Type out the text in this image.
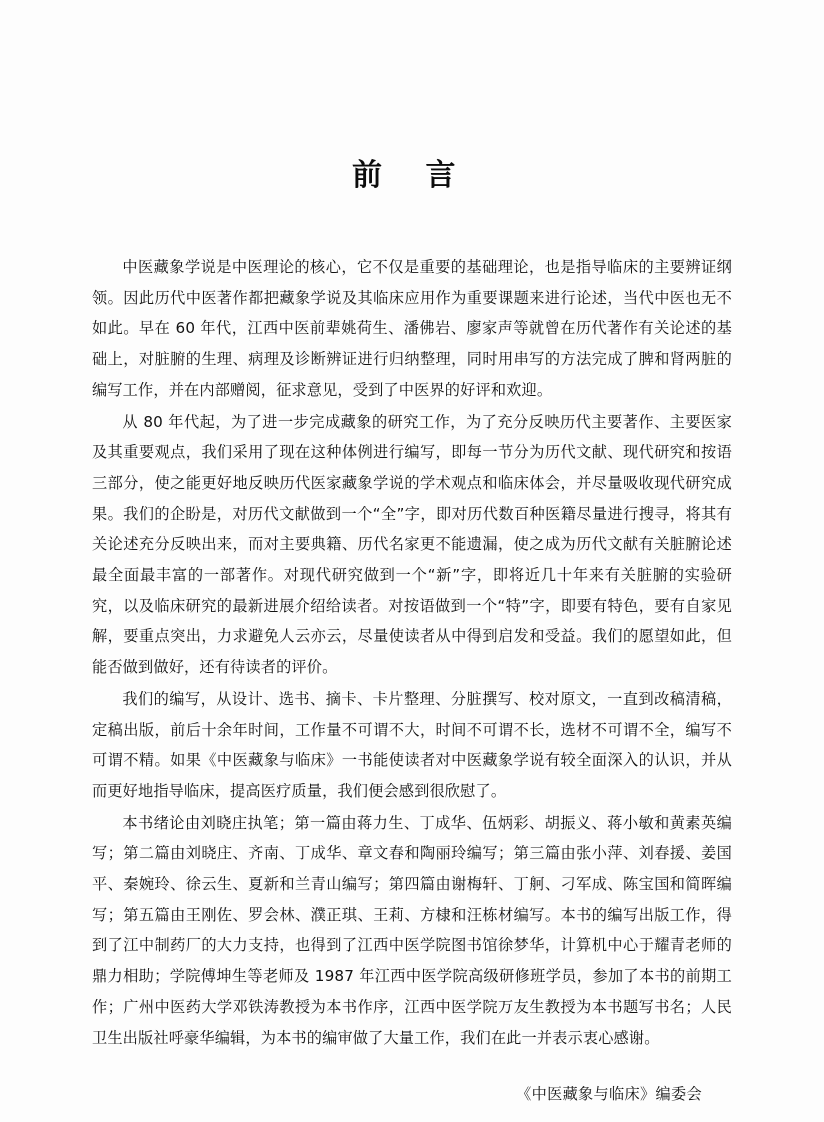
前 言

中医藏象学说是中医理论的核心，它不仅是重要的基础理论，也是指导临床的主要辨证纲领。因此历代中医著作都把藏象学说及其临床应用作为重要课题来进行论述，当代中医也无不如此。早在 60 年代，江西中医前辈姚荷生、潘佛岩、廖家声等就曾在历代著作有关论述的基础上，对脏腑的生理、病理及诊断辨证进行归纳整理，同时用串写的方法完成了脾和肾两脏的编写工作，并在内部赠阅，征求意见，受到了中医界的好评和欢迎。

从 80 年代起，为了进一步完成藏象的研究工作，为了充分反映历代主要著作、主要医家及其重要观点，我们采用了现在这种体例进行编写，即每一节分为历代文献、现代研究和按语三部分，使之能更好地反映历代医家藏象学说的学术观点和临床体会，并尽量吸收现代研究成果。我们的企盼是，对历代文献做到一个“全”字，即对历代数百种医籍尽量进行搜寻，将其有关论述充分反映出来，而对主要典籍、历代名家更不能遗漏，使之成为历代文献有关脏腑论述最全面最丰富的一部著作。对现代研究做到一个“新”字，即将近几十年来有关脏腑的实验研究，以及临床研究的最新进展介绍给读者。对按语做到一个“特”字，即要有特色，要有自家见解，要重点突出，力求避免人云亦云，尽量使读者从中得到启发和受益。我们的愿望如此，但能否做到做好，还有待读者的评价。

我们的编写，从设计、选书、摘卡、卡片整理、分脏撰写、校对原文，一直到改稿清稿，定稿出版，前后十余年时间，工作量不可谓不大，时间不可谓不长，选材不可谓不全，编写不可谓不精。如果《中医藏象与临床》一书能使读者对中医藏象学说有较全面深入的认识，并从而更好地指导临床，提高医疗质量，我们便会感到很欣慰了。

本书绪论由刘晓庄执笔；第一篇由蒋力生、丁成华、伍炳彩、胡振义、蒋小敏和黄素英编写；第二篇由刘晓庄、齐南、丁成华、章文春和陶丽玲编写；第三篇由张小萍、刘春援、姜国平、秦婉玲、徐云生、夏新和兰青山编写；第四篇由谢梅轩、丁舸、刁军成、陈宝国和简晖编写；第五篇由王刚佐、罗会林、濮正琪、王莉、方棣和汪栋材编写。本书的编写出版工作，得到了江中制药厂的大力支持，也得到了江西中医学院图书馆徐梦华，计算机中心于耀青老师的鼎力相助；学院傅坤生等老师及 1987 年江西中医学院高级研修班学员，参加了本书的前期工作；广州中医药大学邓铁涛教授为本书作序，江西中医学院万友生教授为本书题写书名；人民卫生出版社呼豪华编辑，为本书的编审做了大量工作，我们在此一并表示衷心感谢。

《中医藏象与临床》编委会
